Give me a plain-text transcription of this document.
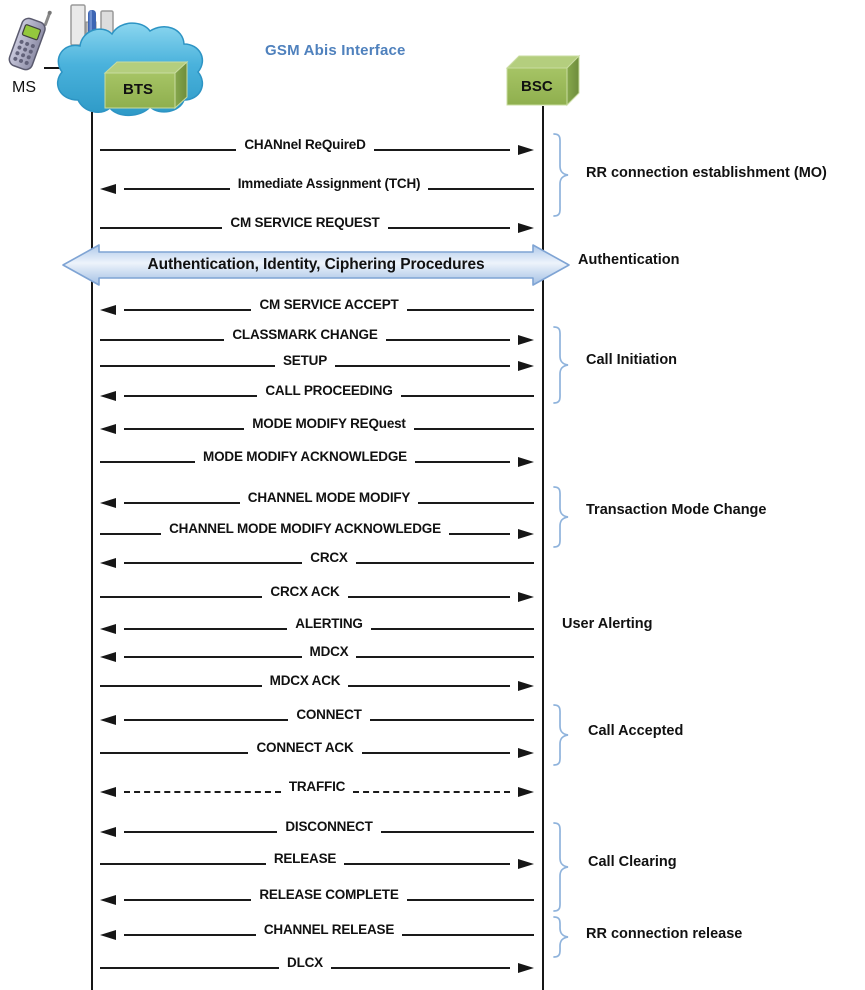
MS	BTS	BSC
GSM Abis Interface
Authentication, Identity, Ciphering Procedures
CHANnel ReQuireD
Immediate Assignment (TCH)
CM SERVICE REQUEST
CM SERVICE ACCEPT
CLASSMARK CHANGE
SETUP
CALL PROCEEDING
MODE MODIFY REQuest
MODE MODIFY ACKNOWLEDGE
CHANNEL MODE MODIFY
CHANNEL MODE MODIFY ACKNOWLEDGE
CRCX
CRCX ACK
ALERTING
MDCX
MDCX ACK
CONNECT
CONNECT ACK
TRAFFIC
DISCONNECT
RELEASE
RELEASE COMPLETE
CHANNEL RELEASE
DLCX
RR connection establishment (MO)
Authentication
Call Initiation
Transaction Mode Change
User Alerting
Call Accepted
Call Clearing
RR connection release
